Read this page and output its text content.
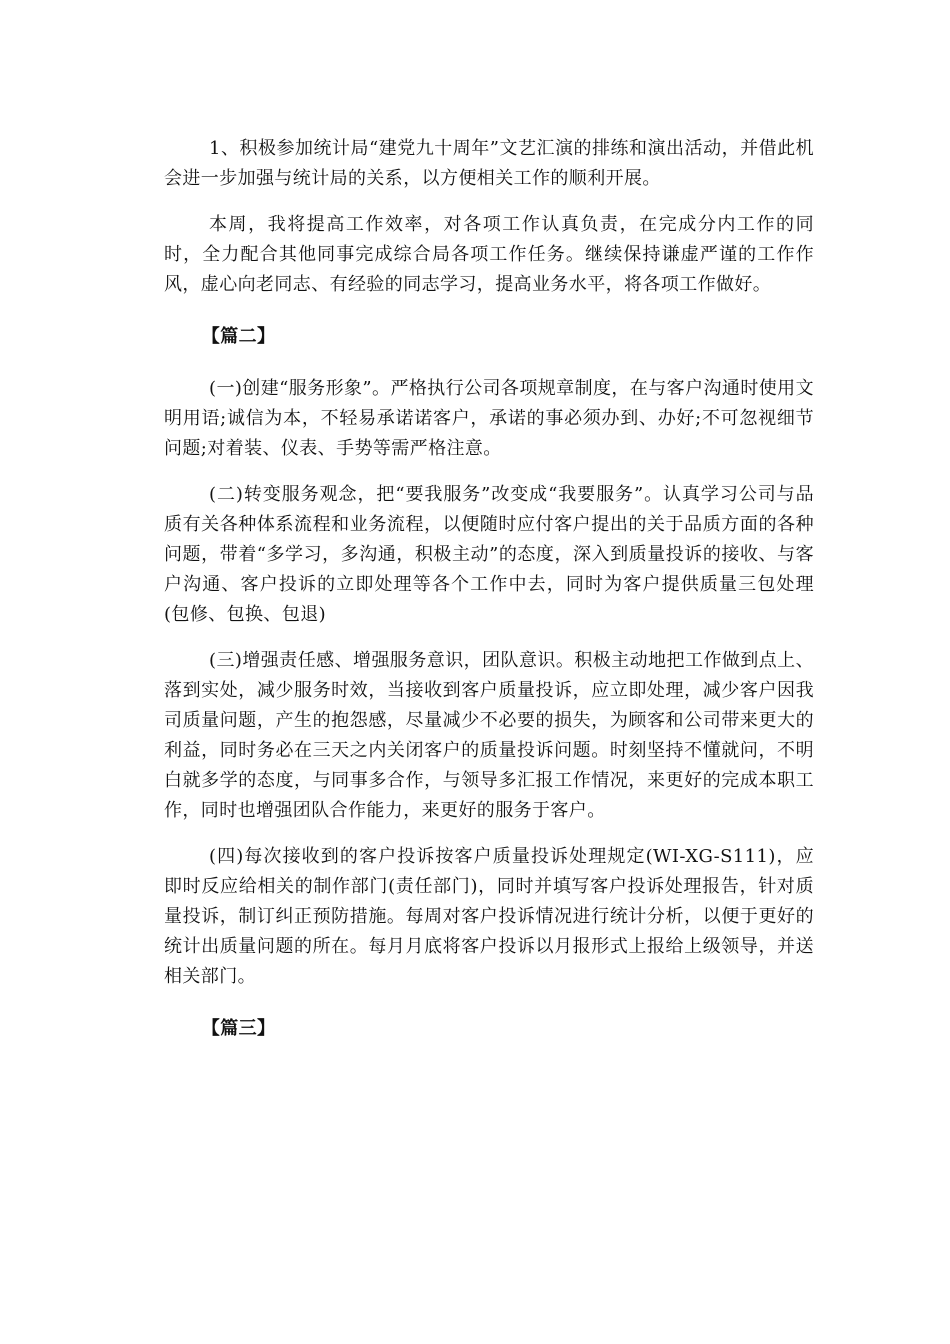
1、积极参加统计局“建党九十周年”文艺汇演的排练和演出活动，并借此机会进一步加强与统计局的关系，以方便相关工作的顺利开展。

本周，我将提高工作效率，对各项工作认真负责，在完成分内工作的同时，全力配合其他同事完成综合局各项工作任务。继续保持谦虚严谨的工作作风，虚心向老同志、有经验的同志学习，提高业务水平，将各项工作做好。

【篇二】

(一)创建“服务形象”。严格执行公司各项规章制度，在与客户沟通时使用文明用语;诚信为本，不轻易承诺诺客户，承诺的事必须办到、办好;不可忽视细节问题;对着装、仪表、手势等需严格注意。

(二)转变服务观念，把“要我服务”改变成“我要服务”。认真学习公司与品质有关各种体系流程和业务流程，以便随时应付客户提出的关于品质方面的各种问题，带着“多学习，多沟通，积极主动”的态度，深入到质量投诉的接收、与客户沟通、客户投诉的立即处理等各个工作中去，同时为客户提供质量三包处理(包修、包换、包退)

(三)增强责任感、增强服务意识，团队意识。积极主动地把工作做到点上、落到实处，减少服务时效，当接收到客户质量投诉，应立即处理，减少客户因我司质量问题，产生的抱怨感，尽量减少不必要的损失，为顾客和公司带来更大的利益，同时务必在三天之内关闭客户的质量投诉问题。时刻坚持不懂就问，不明白就多学的态度，与同事多合作，与领导多汇报工作情况，来更好的完成本职工作，同时也增强团队合作能力，来更好的服务于客户。

(四)每次接收到的客户投诉按客户质量投诉处理规定(WI-XG-S111)，应即时反应给相关的制作部门(责任部门)，同时并填写客户投诉处理报告，针对质量投诉，制订纠正预防措施。每周对客户投诉情况进行统计分析，以便于更好的统计出质量问题的所在。每月月底将客户投诉以月报形式上报给上级领导，并送相关部门。

【篇三】
